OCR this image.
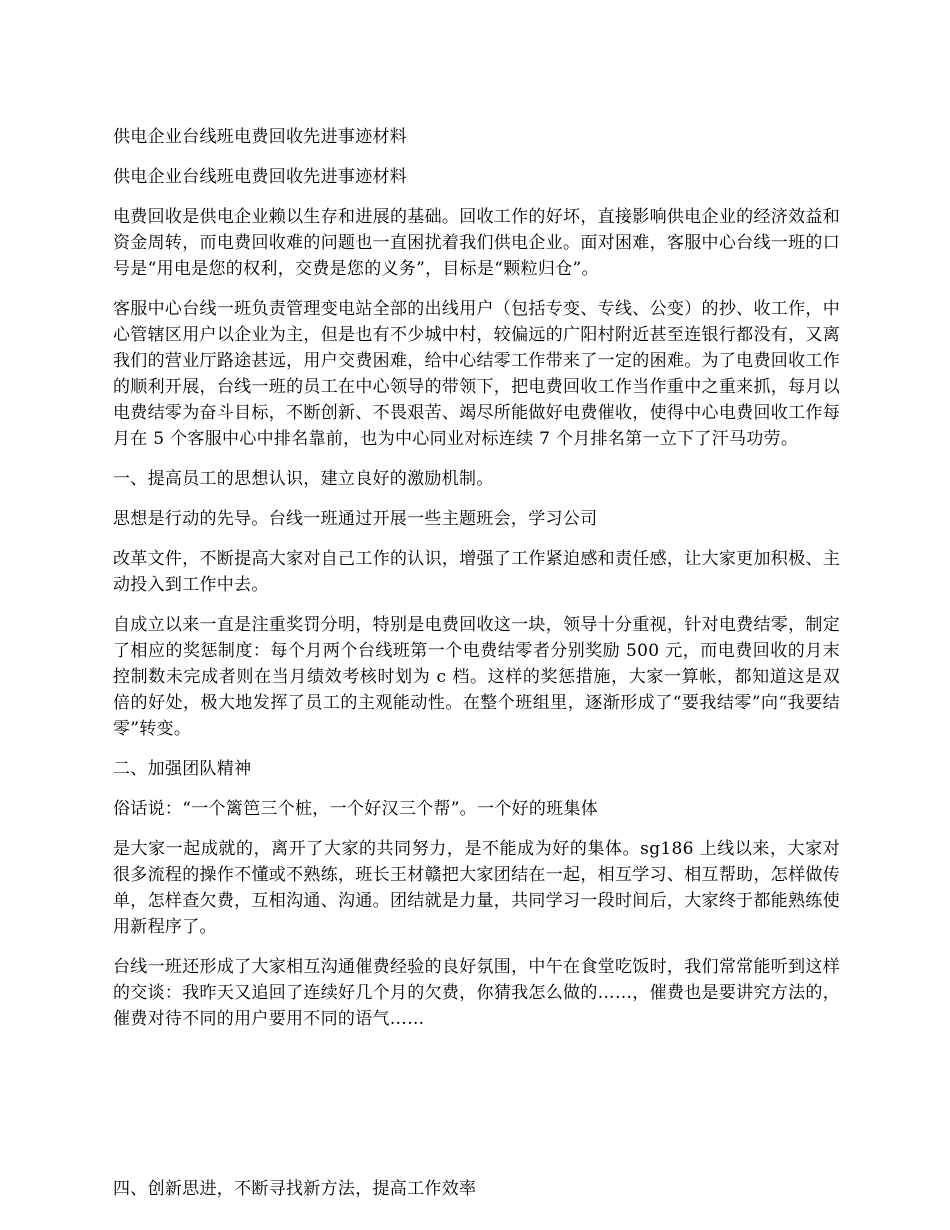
供电企业台线班电费回收先进事迹材料

供电企业台线班电费回收先进事迹材料

电费回收是供电企业赖以生存和进展的基础。回收工作的好坏，直接影响供电企业的经济效益和资金周转，而电费回收难的问题也一直困扰着我们供电企业。面对困难，客服中心台线一班的口号是“用电是您的权利，交费是您的义务”，目标是“颗粒归仓”。

客服中心台线一班负责管理变电站全部的出线用户（包括专变、专线、公变）的抄、收工作，中心管辖区用户以企业为主，但是也有不少城中村，较偏远的广阳村附近甚至连银行都没有，又离我们的营业厅路途甚远，用户交费困难，给中心结零工作带来了一定的困难。为了电费回收工作的顺利开展，台线一班的员工在中心领导的带领下，把电费回收工作当作重中之重来抓，每月以电费结零为奋斗目标，不断创新、不畏艰苦、竭尽所能做好电费催收，使得中心电费回收工作每月在 5 个客服中心中排名靠前，也为中心同业对标连续 7 个月排名第一立下了汗马功劳。

一、提高员工的思想认识，建立良好的激励机制。

思想是行动的先导。台线一班通过开展一些主题班会，学习公司

改革文件，不断提高大家对自己工作的认识，增强了工作紧迫感和责任感，让大家更加积极、主动投入到工作中去。

自成立以来一直是注重奖罚分明，特别是电费回收这一块，领导十分重视，针对电费结零，制定了相应的奖惩制度：每个月两个台线班第一个电费结零者分别奖励 500 元，而电费回收的月末控制数未完成者则在当月绩效考核时划为 c 档。这样的奖惩措施，大家一算帐，都知道这是双倍的好处，极大地发挥了员工的主观能动性。在整个班组里，逐渐形成了“要我结零”向“我要结零”转变。

二、加强团队精神

俗话说：“一个篱笆三个桩，一个好汉三个帮”。一个好的班集体

是大家一起成就的，离开了大家的共同努力，是不能成为好的集体。sg186 上线以来，大家对很多流程的操作不懂或不熟练，班长王材赣把大家团结在一起，相互学习、相互帮助，怎样做传单，怎样查欠费，互相沟通、沟通。团结就是力量，共同学习一段时间后，大家终于都能熟练使用新程序了。

台线一班还形成了大家相互沟通催费经验的良好氛围，中午在食堂吃饭时，我们常常能听到这样的交谈：我昨天又追回了连续好几个月的欠费，你猜我怎么做的……，催费也是要讲究方法的，催费对待不同的用户要用不同的语气……

四、创新思进，不断寻找新方法，提高工作效率
